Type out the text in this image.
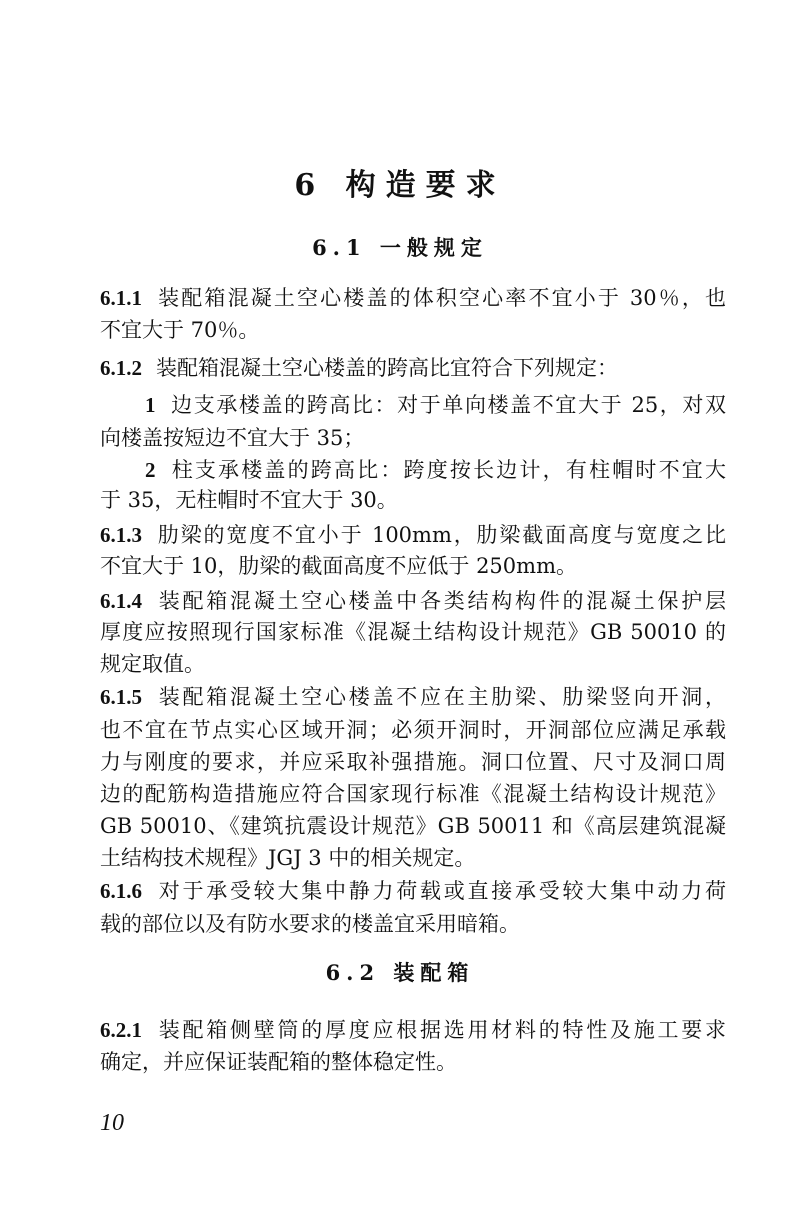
6 构造要求
6.1 一般规定
6.1.1 装配箱混凝土空心楼盖的体积空心率不宜小于 30％，也
不宜大于 70％。
6.1.2 装配箱混凝土空心楼盖的跨高比宜符合下列规定：
1 边支承楼盖的跨高比：对于单向楼盖不宜大于 25，对双
向楼盖按短边不宜大于 35；
2 柱支承楼盖的跨高比：跨度按长边计，有柱帽时不宜大
于 35，无柱帽时不宜大于 30。
6.1.3 肋梁的宽度不宜小于 100mm，肋梁截面高度与宽度之比
不宜大于 10，肋梁的截面高度不应低于 250mm。
6.1.4 装配箱混凝土空心楼盖中各类结构构件的混凝土保护层
厚度应按照现行国家标准《混凝土结构设计规范》GB 50010 的
规定取值。
6.1.5 装配箱混凝土空心楼盖不应在主肋梁、肋梁竖向开洞，
也不宜在节点实心区域开洞；必须开洞时，开洞部位应满足承载
力与刚度的要求，并应采取补强措施。洞口位置、尺寸及洞口周
边的配筋构造措施应符合国家现行标准《混凝土结构设计规范》
GB 50010、《建筑抗震设计规范》GB 50011 和《高层建筑混凝
土结构技术规程》JGJ 3 中的相关规定。
6.1.6 对于承受较大集中静力荷载或直接承受较大集中动力荷
载的部位以及有防水要求的楼盖宜采用暗箱。
6.2.1 装配箱侧壁筒的厚度应根据选用材料的特性及施工要求
确定，并应保证装配箱的整体稳定性。
6.2 装配箱
10
